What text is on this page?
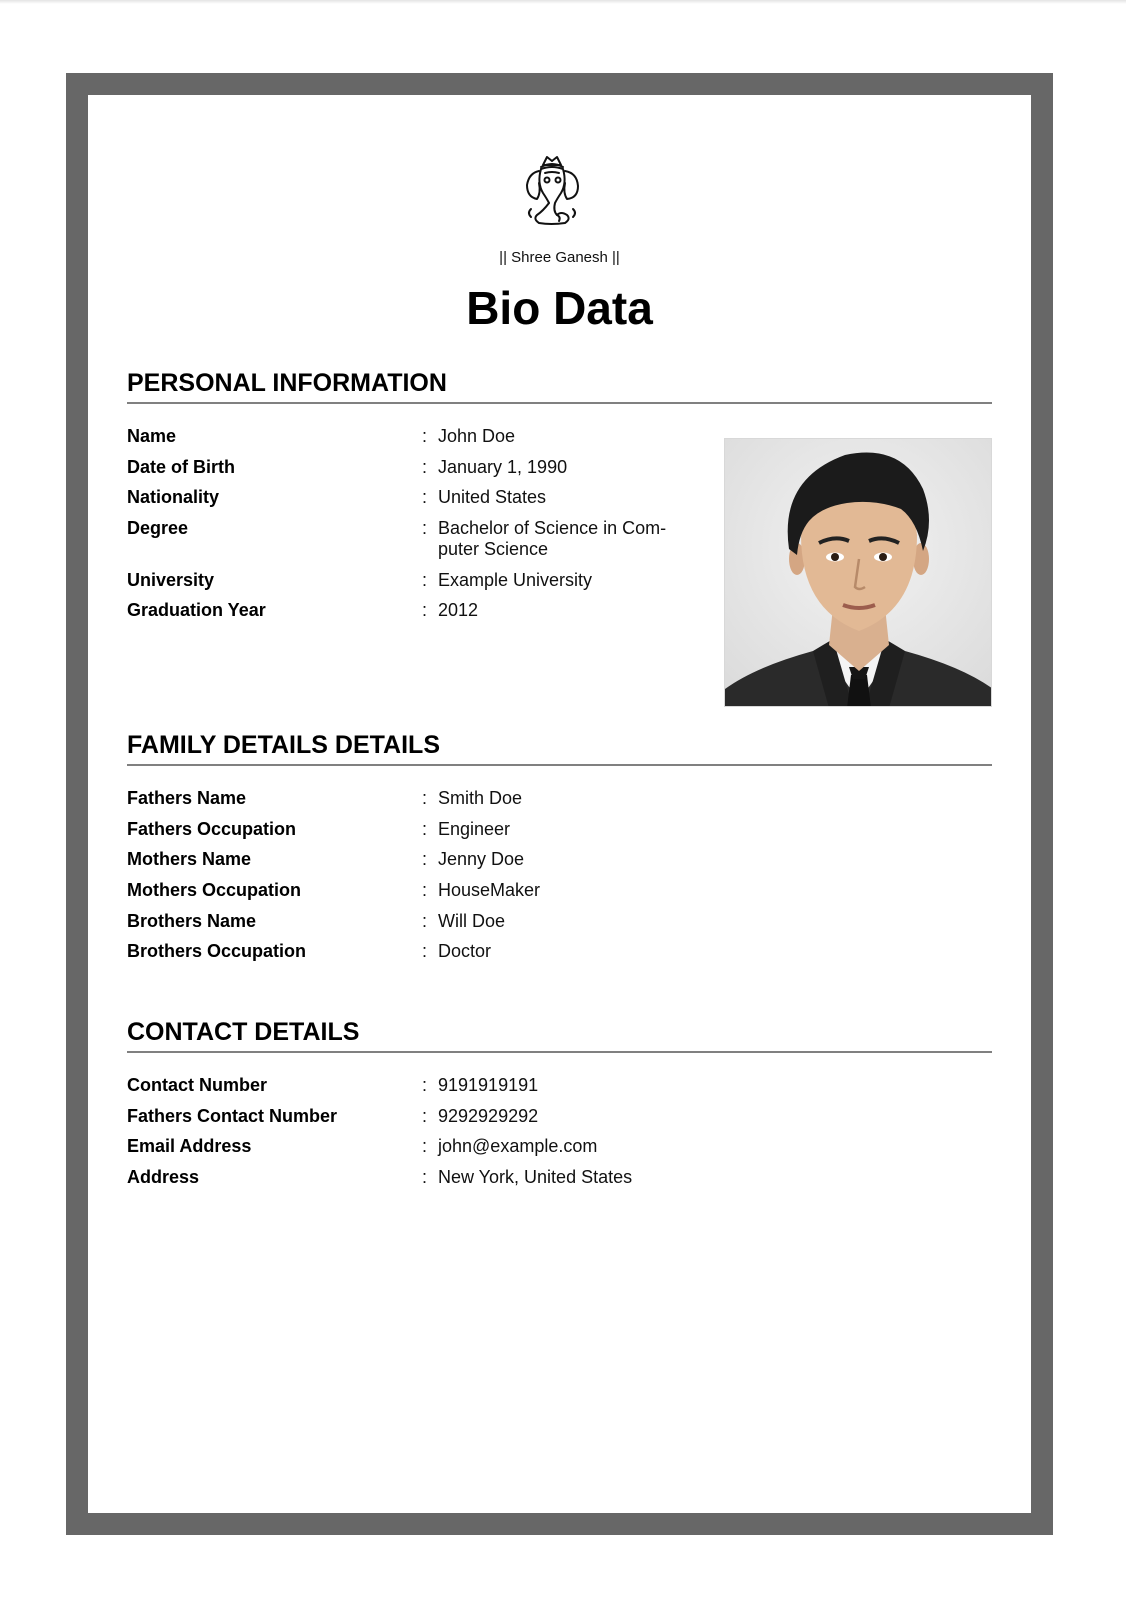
|| Shree Ganesh ||
Bio Data
PERSONAL INFORMATION
Name	: John Doe
Date of Birth	: January 1, 1990
Nationality	: United States
Degree	: Bachelor of Science in Com-puter Science
University	: Example University
Graduation Year	: 2012
FAMILY DETAILS DETAILS
Fathers Name	: Smith Doe
Fathers Occupation	: Engineer
Mothers Name	: Jenny Doe
Mothers Occupation	: HouseMaker
Brothers Name	: Will Doe
Brothers Occupation	: Doctor
CONTACT DETAILS
Contact Number	: 9191919191
Fathers Contact Number	: 9292929292
Email Address	: john@example.com
Address	: New York, United States
